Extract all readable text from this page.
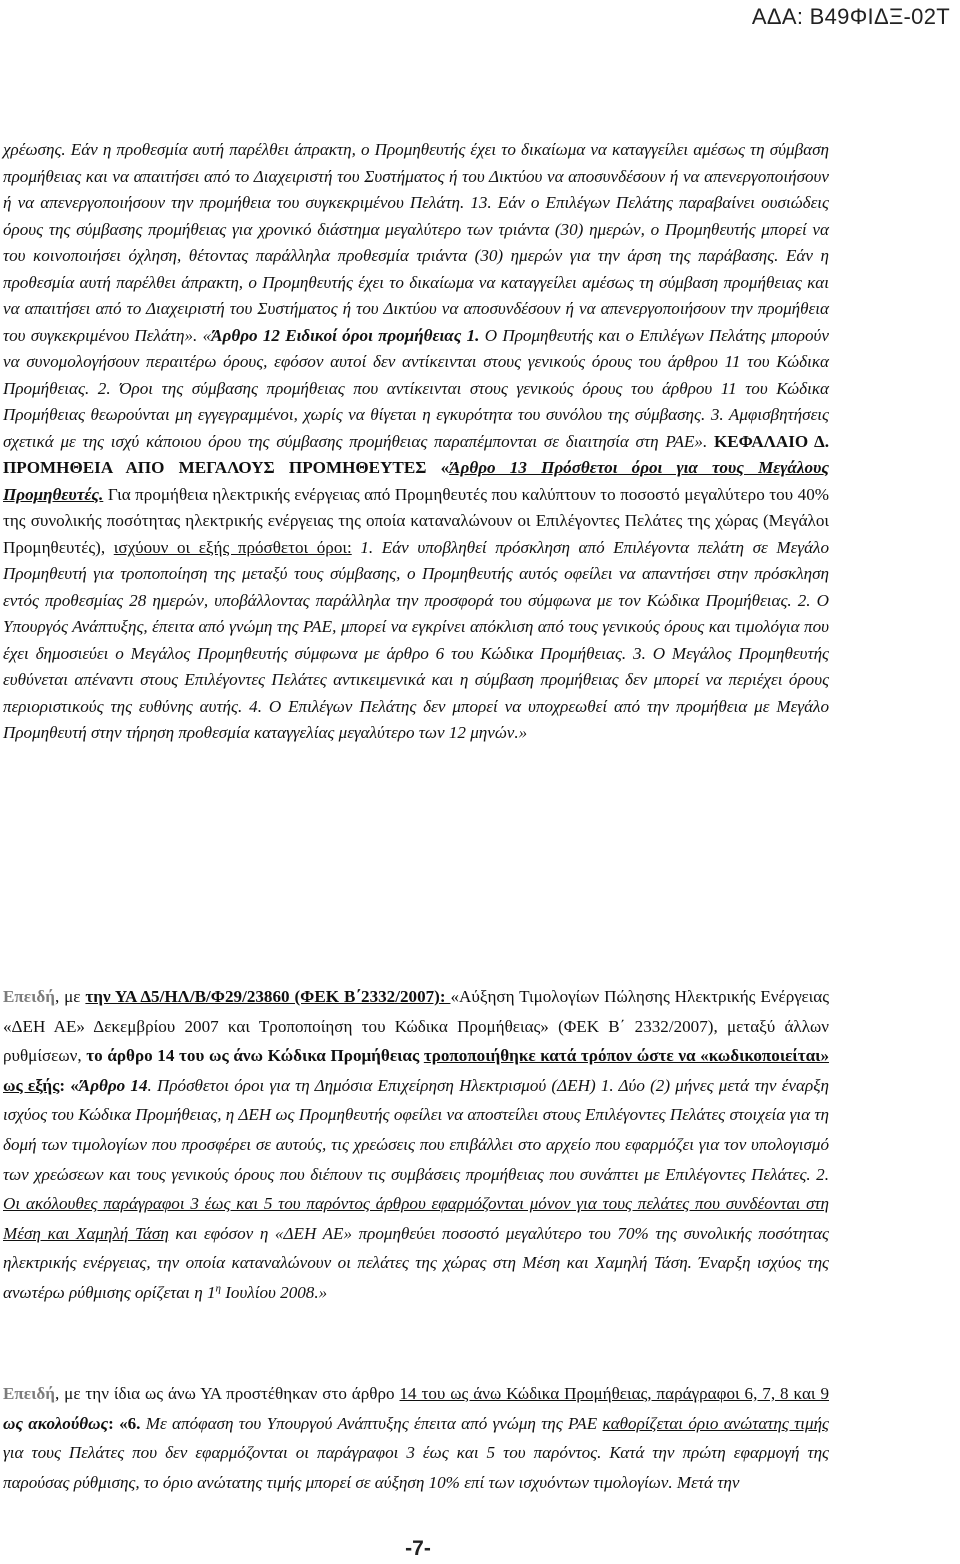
ΑΔΑ: Β49ΦΙΔΞ-02Τ

χρέωσης. Εάν η προθεσμία αυτή παρέλθει άπρακτη, ο Προμηθευτής έχει το δικαίωμα να καταγγείλει αμέσως τη σύμβαση προμήθειας και να απαιτήσει από το Διαχειριστή του Συστήματος ή του Δικτύου να αποσυνδέσουν ή να απενεργοποιήσουν ή να απενεργοποιήσουν την προμήθεια του συγκεκριμένου Πελάτη. 13. Εάν ο Επιλέγων Πελάτης παραβαίνει ουσιώδεις όρους της σύμβασης προμήθειας για χρονικό διάστημα μεγαλύτερο των τριάντα (30) ημερών, ο Προμηθευτής μπορεί να του κοινοποιήσει όχληση, θέτοντας παράλληλα προθεσμία τριάντα (30) ημερών για την άρση της παράβασης. Εάν η προθεσμία αυτή παρέλθει άπρακτη, ο Προμηθευτής έχει το δικαίωμα να καταγγείλει αμέσως τη σύμβαση προμήθειας και να απαιτήσει από το Διαχειριστή του Συστήματος ή του Δικτύου να αποσυνδέσουν ή να απενεργοποιήσουν την προμήθεια του συγκεκριμένου Πελάτη». «Άρθρο 12 Ειδικοί όροι προμήθειας 1. Ο Προμηθευτής και ο Επιλέγων Πελάτης μπορούν να συνομολογήσουν περαιτέρω όρους, εφόσον αυτοί δεν αντίκεινται στους γενικούς όρους του άρθρου 11 του Κώδικα Προμήθειας. 2. Όροι της σύμβασης προμήθειας που αντίκεινται στους γενικούς όρους του άρθρου 11 του Κώδικα Προμήθειας θεωρούνται μη εγγεγραμμένοι, χωρίς να θίγεται η εγκυρότητα του συνόλου της σύμβασης. 3. Αμφισβητήσεις σχετικά με της ισχύ κάποιου όρου της σύμβασης προμήθειας παραπέμπονται σε διαιτησία στη ΡΑΕ». ΚΕΦΑΛΑΙΟ Δ. ΠΡΟΜΗΘΕΙΑ ΑΠΟ ΜΕΓΑΛΟΥΣ ΠΡΟΜΗΘΕΥΤΕΣ «Άρθρο 13 Πρόσθετοι όροι για τους Μεγάλους Προμηθευτές. Για προμήθεια ηλεκτρικής ενέργειας από Προμηθευτές που καλύπτουν το ποσοστό μεγαλύτερο του 40% της συνολικής ποσότητας ηλεκτρικής ενέργειας της οποία καταναλώνουν οι Επιλέγοντες Πελάτες της χώρας (Μεγάλοι Προμηθευτές), ισχύουν οι εξής πρόσθετοι όροι: 1. Εάν υποβληθεί πρόσκληση από Επιλέγοντα πελάτη σε Μεγάλο Προμηθευτή για τροποποίηση της μεταξύ τους σύμβασης, ο Προμηθευτής αυτός οφείλει να απαντήσει στην πρόσκληση εντός προθεσμίας 28 ημερών, υποβάλλοντας παράλληλα την προσφορά του σύμφωνα με τον Κώδικα Προμήθειας. 2. Ο Υπουργός Ανάπτυξης, έπειτα από γνώμη της ΡΑΕ, μπορεί να εγκρίνει απόκλιση από τους γενικούς όρους και τιμολόγια που έχει δημοσιεύει ο Μεγάλος Προμηθευτής σύμφωνα με άρθρο 6 του Κώδικα Προμήθειας. 3. Ο Μεγάλος Προμηθευτής ευθύνεται απέναντι στους Επιλέγοντες Πελάτες αντικειμενικά και η σύμβαση προμήθειας δεν μπορεί να περιέχει όρους περιοριστικούς της ευθύνης αυτής. 4. Ο Επιλέγων Πελάτης δεν μπορεί να υποχρεωθεί από την προμήθεια με Μεγάλο Προμηθευτή στην τήρηση προθεσμία καταγγελίας μεγαλύτερο των 12 μηνών.»

Επειδή, με την ΥΑ Δ5/ΗΛ/Β/Φ29/23860 (ΦΕΚ Β΄2332/2007): «Αύξηση Τιμολογίων Πώλησης Ηλεκτρικής Ενέργειας «ΔΕΗ ΑΕ» Δεκεμβρίου 2007 και Τροποποίηση του Κώδικα Προμήθειας» (ΦΕΚ Β΄ 2332/2007), μεταξύ άλλων ρυθμίσεων, το άρθρο 14 του ως άνω Κώδικα Προμήθειας τροποποιήθηκε κατά τρόπον ώστε να «κωδικοποιείται» ως εξής: «Άρθρο 14. Πρόσθετοι όροι για τη Δημόσια Επιχείρηση Ηλεκτρισμού (ΔΕΗ) 1. Δύο (2) μήνες μετά την έναρξη ισχύος του Κώδικα Προμήθειας, η ΔΕΗ ως Προμηθευτής οφείλει να αποστείλει στους Επιλέγοντες Πελάτες στοιχεία για τη δομή των τιμολογίων που προσφέρει σε αυτούς, τις χρεώσεις που επιβάλλει στο αρχείο που εφαρμόζει για τον υπολογισμό των χρεώσεων και τους γενικούς όρους που διέπουν τις συμβάσεις προμήθειας που συνάπτει με Επιλέγοντες Πελάτες. 2. Οι ακόλουθες παράγραφοι 3 έως και 5 του παρόντος άρθρου εφαρμόζονται μόνον για τους πελάτες που συνδέονται στη Μέση και Χαμηλή Τάση και εφόσον η «ΔΕΗ ΑΕ» προμηθεύει ποσοστό μεγαλύτερο του 70% της συνολικής ποσότητας ηλεκτρικής ενέργειας, την οποία καταναλώνουν οι πελάτες της χώρας στη Μέση και Χαμηλή Τάση. Έναρξη ισχύος της ανωτέρω ρύθμισης ορίζεται η $1^\eta$ Ιουλίου 2008.»

Επειδή, με την ίδια ως άνω ΥΑ προστέθηκαν στο άρθρο 14 του ως άνω Κώδικα Προμήθειας, παράγραφοι 6, 7, 8 και 9 ως ακολούθως: «6. Με απόφαση του Υπουργού Ανάπτυξης έπειτα από γνώμη της ΡΑΕ καθορίζεται όριο ανώτατης τιμής για τους Πελάτες που δεν εφαρμόζονται οι παράγραφοι 3 έως και 5 του παρόντος. Κατά την πρώτη εφαρμογή της παρούσας ρύθμισης, το όριο ανώτατης τιμής μπορεί σε αύξηση 10% επί των ισχυόντων τιμολογίων. Μετά την

-7-
